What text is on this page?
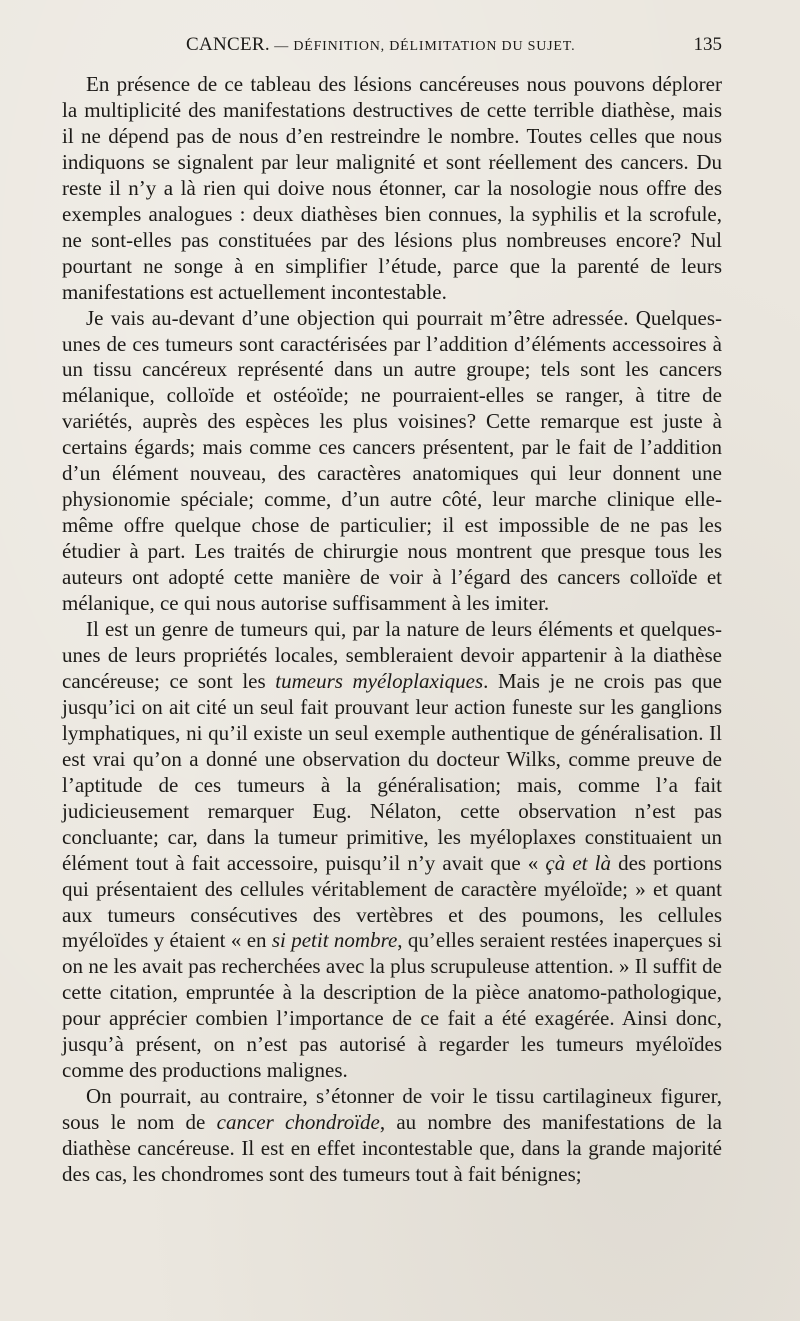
CANCER. — DÉFINITION, DÉLIMITATION DU SUJET.	135

En présence de ce tableau des lésions cancéreuses nous pouvons déplorer la multiplicité des manifestations destructives de cette terrible diathèse, mais il ne dépend pas de nous d’en restreindre le nombre. Toutes celles que nous indiquons se signalent par leur malignité et sont réellement des cancers. Du reste il n’y a là rien qui doive nous étonner, car la nosologie nous offre des exemples analogues : deux diathèses bien connues, la syphilis et la scrofule, ne sont-elles pas constituées par des lésions plus nombreuses encore? Nul pourtant ne songe à en simplifier l’étude, parce que la parenté de leurs manifestations est actuellement incontestable.

Je vais au-devant d’une objection qui pourrait m’être adressée. Quelques-unes de ces tumeurs sont caractérisées par l’addition d’éléments accessoires à un tissu cancéreux représenté dans un autre groupe; tels sont les cancers mélanique, colloïde et ostéoïde; ne pourraient-elles se ranger, à titre de variétés, auprès des espèces les plus voisines? Cette remarque est juste à certains égards; mais comme ces cancers présentent, par le fait de l’addition d’un élément nouveau, des caractères anatomiques qui leur donnent une physionomie spéciale; comme, d’un autre côté, leur marche clinique elle-même offre quelque chose de particulier; il est impossible de ne pas les étudier à part. Les traités de chirurgie nous montrent que presque tous les auteurs ont adopté cette manière de voir à l’égard des cancers colloïde et mélanique, ce qui nous autorise suffisamment à les imiter.

Il est un genre de tumeurs qui, par la nature de leurs éléments et quelques-unes de leurs propriétés locales, sembleraient devoir appartenir à la diathèse cancéreuse; ce sont les tumeurs myéloplaxiques. Mais je ne crois pas que jusqu’ici on ait cité un seul fait prouvant leur action funeste sur les ganglions lymphatiques, ni qu’il existe un seul exemple authentique de généralisation. Il est vrai qu’on a donné une observation du docteur Wilks, comme preuve de l’aptitude de ces tumeurs à la généralisation; mais, comme l’a fait judicieusement remarquer Eug. Nélaton, cette observation n’est pas concluante; car, dans la tumeur primitive, les myéloplaxes constituaient un élément tout à fait accessoire, puisqu’il n’y avait que « çà et là des portions qui présentaient des cellules véritablement de caractère myéloïde; » et quant aux tumeurs consécutives des vertèbres et des poumons, les cellules myéloïdes y étaient « en si petit nombre, qu’elles seraient restées inaperçues si on ne les avait pas recherchées avec la plus scrupuleuse attention. » Il suffit de cette citation, empruntée à la description de la pièce anatomo-pathologique, pour apprécier combien l’importance de ce fait a été exagérée. Ainsi donc, jusqu’à présent, on n’est pas autorisé à regarder les tumeurs myéloïdes comme des productions malignes.

On pourrait, au contraire, s’étonner de voir le tissu cartilagineux figurer, sous le nom de cancer chondroïde, au nombre des manifestations de la diathèse cancéreuse. Il est en effet incontestable que, dans la grande majorité des cas, les chondromes sont des tumeurs tout à fait bénignes;
